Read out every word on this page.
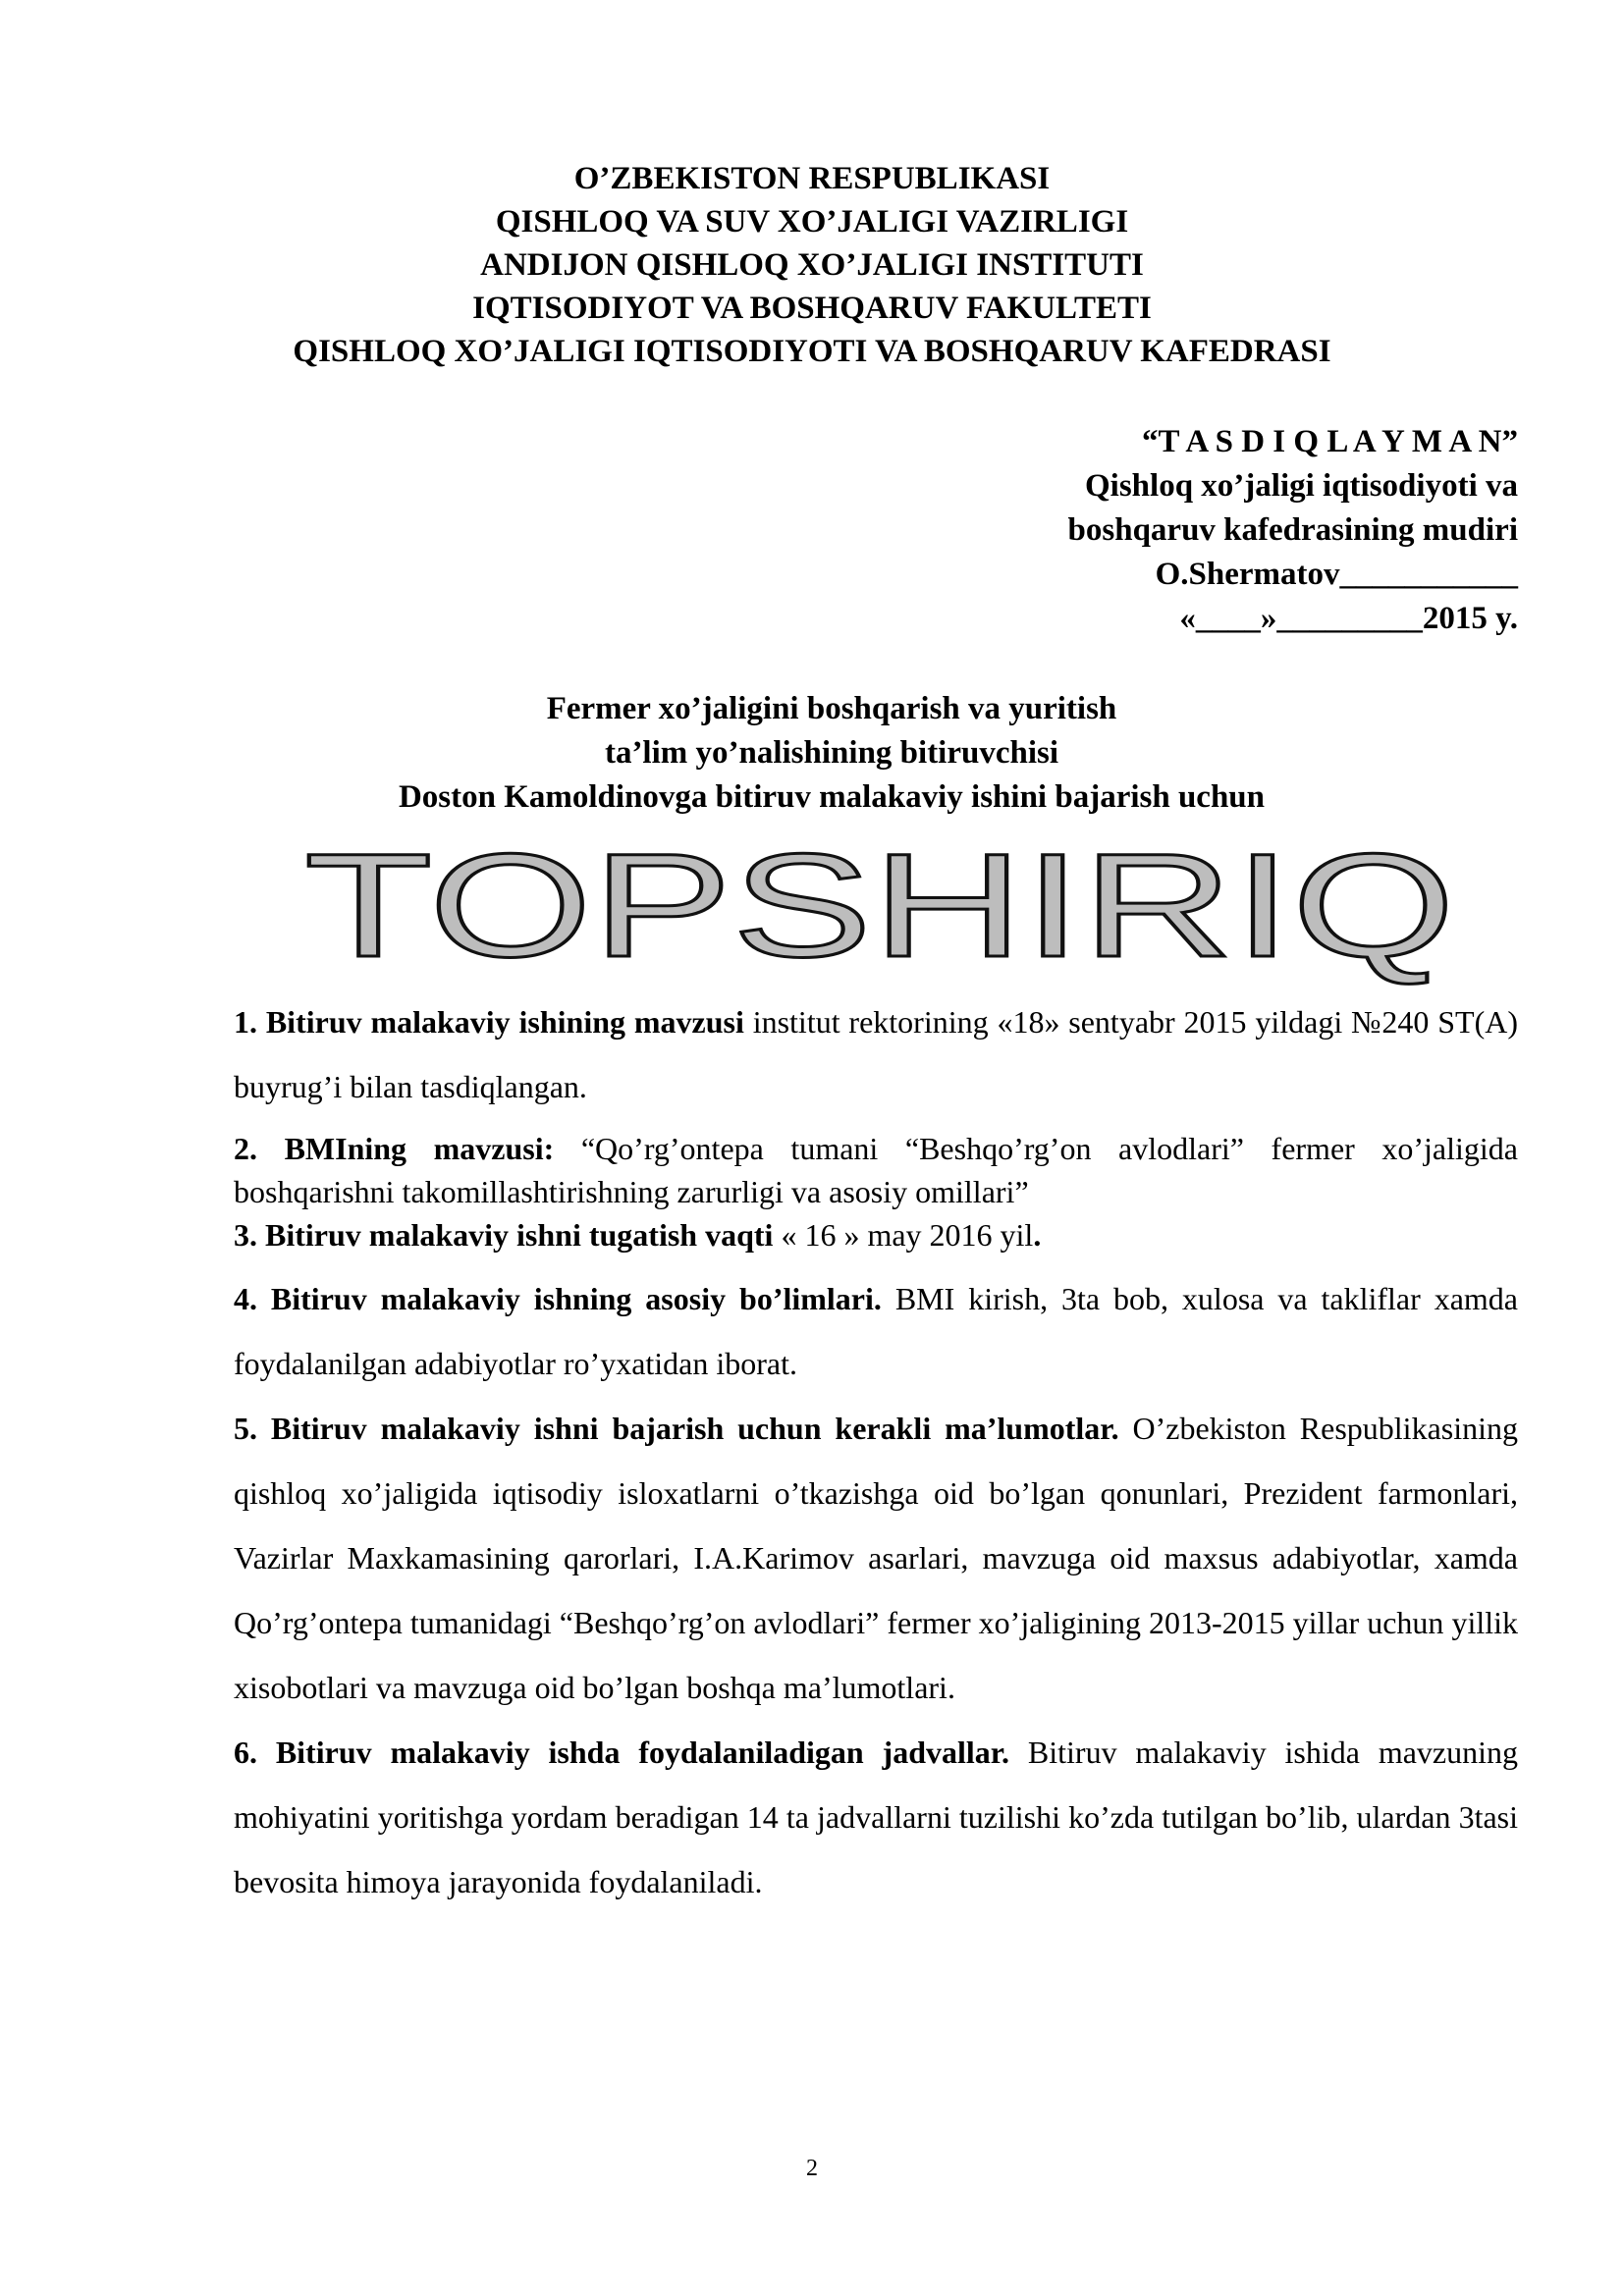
O’ZBEKISTON RESPUBLIKASI
QISHLOQ VA SUV XO’JALIGI VAZIRLIGI
ANDIJON QISHLOQ XO’JALIGI INSTITUTI
IQTISODIYOT VA BOSHQARUV FAKULTETI
QISHLOQ XO’JALIGI IQTISODIYOTI VA BOSHQARUV KAFEDRASI
“T A S D I Q L A Y M A N”
Qishloq xo’jaligi iqtisodiyoti va
boshqaruv kafedrasining mudiri
O.Shermatov___________
«____»_________2015 y.
Fermer xo’jaligini boshqarish va yuritish
ta’lim yo’nalishining bitiruvchisi
Doston Kamoldinovga bitiruv malakaviy ishini bajarish uchun
TOPSHIRIQ

1. Bitiruv malakaviy ishining mavzusi institut rektorining «18» sentyabr 2015 yildagi №240 ST(A) buyrug’i bilan tasdiqlangan.

2. BMIning mavzusi: “Qo’rg’ontepa tumani “Beshqo’rg’on avlodlari” fermer xo’jaligida boshqarishni takomillashtirishning zarurligi va asosiy omillari”

3. Bitiruv malakaviy ishni tugatish vaqti « 16 » may 2016 yil.

4. Bitiruv malakaviy ishning asosiy bo’limlari. BMI kirish, 3ta bob, xulosa va takliflar xamda foydalanilgan adabiyotlar ro’yxatidan iborat.

5. Bitiruv malakaviy ishni bajarish uchun kerakli ma’lumotlar. O’zbekiston Respublikasining qishloq xo’jaligida iqtisodiy isloxatlarni o’tkazishga oid bo’lgan qonunlari, Prezident farmonlari, Vazirlar Maxkamasining qarorlari, I.A.Karimov asarlari, mavzuga oid maxsus adabiyotlar, xamda Qo’rg’ontepa tumanidagi “Beshqo’rg’on avlodlari” fermer xo’jaligining 2013-2015 yillar uchun yillik xisobotlari va mavzuga oid bo’lgan boshqa ma’lumotlari.

6. Bitiruv malakaviy ishda foydalaniladigan jadvallar. Bitiruv malakaviy ishida mavzuning mohiyatini yoritishga yordam beradigan 14 ta jadvallarni tuzilishi ko’zda tutilgan bo’lib, ulardan 3tasi bevosita himoya jarayonida foydalaniladi.

2
